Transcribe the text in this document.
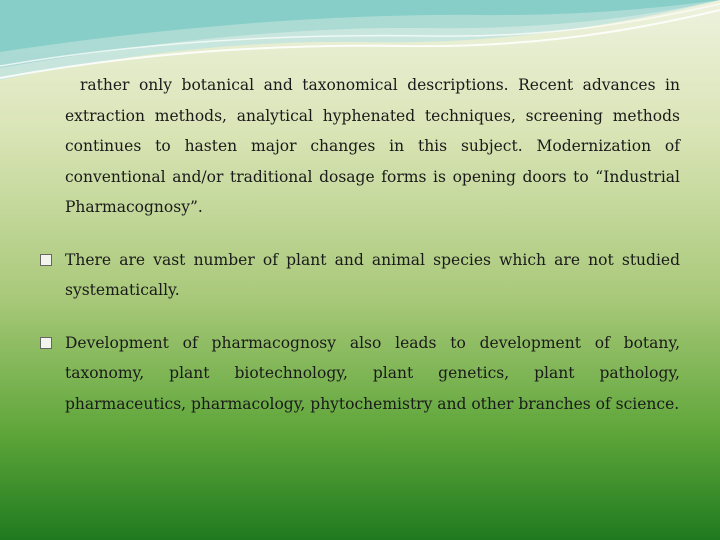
rather only botanical and taxonomical descriptions. Recent advances in extraction methods, analytical hyphenated techniques, screening methods continues to hasten major changes in this subject. Modernization of conventional and/or traditional dosage forms is opening doors to “Industrial Pharmacognosy”.

There are vast number of plant and animal species which are not studied systematically.
Development of pharmacognosy also leads to development of botany, taxonomy, plant biotechnology, plant genetics, plant pathology, pharmaceutics, pharmacology, phytochemistry and other branches of science.
